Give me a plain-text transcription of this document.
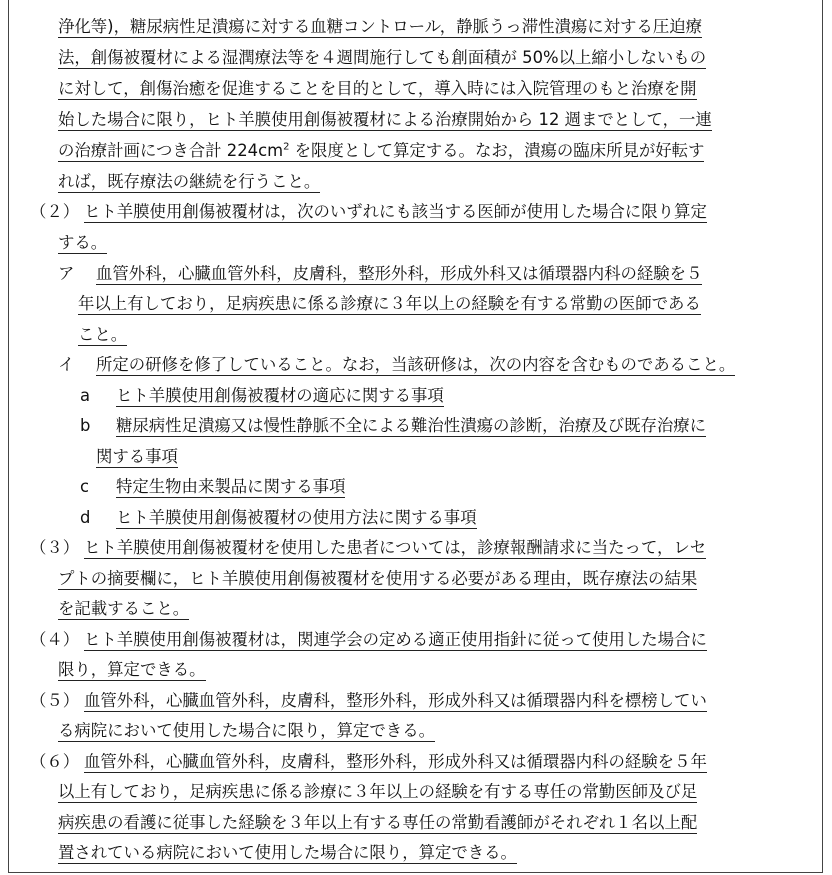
浄化等)，糖尿病性足潰瘍に対する血糖コントロール，静脈うっ滞性潰瘍に対する圧迫療
法，創傷被覆材による湿潤療法等を４週間施行しても創面積が 50%以上縮小しないもの
に対して，創傷治癒を促進することを目的として，導入時には入院管理のもと治療を開
始した場合に限り，ヒト羊膜使用創傷被覆材による治療開始から 12 週までとして，一連
の治療計画につき合計 $224cm^2$ を限度として算定する。なお，潰瘍の臨床所見が好転す
れば，既存療法の継続を行うこと。
（２） ヒト羊膜使用創傷被覆材は，次のいずれにも該当する医師が使用した場合に限り算定
する。
ア 血管外科，心臓血管外科，皮膚科，整形外科，形成外科又は循環器内科の経験を５
年以上有しており，足病疾患に係る診療に３年以上の経験を有する常勤の医師である
こと。
イ 所定の研修を修了していること。なお，当該研修は，次の内容を含むものであること。
a ヒト羊膜使用創傷被覆材の適応に関する事項
b 糖尿病性足潰瘍又は慢性静脈不全による難治性潰瘍の診断，治療及び既存治療に
関する事項
c 特定生物由来製品に関する事項
d ヒト羊膜使用創傷被覆材の使用方法に関する事項
（３） ヒト羊膜使用創傷被覆材を使用した患者については，診療報酬請求に当たって，レセ
プトの摘要欄に，ヒト羊膜使用創傷被覆材を使用する必要がある理由，既存療法の結果
を記載すること。
（４） ヒト羊膜使用創傷被覆材は，関連学会の定める適正使用指針に従って使用した場合に
限り，算定できる。
（５） 血管外科，心臓血管外科，皮膚科，整形外科，形成外科又は循環器内科を標榜してい
る病院において使用した場合に限り，算定できる。
（６） 血管外科，心臓血管外科，皮膚科，整形外科，形成外科又は循環器内科の経験を５年
以上有しており，足病疾患に係る診療に３年以上の経験を有する専任の常勤医師及び足
病疾患の看護に従事した経験を３年以上有する専任の常勤看護師がそれぞれ１名以上配
置されている病院において使用した場合に限り，算定できる。
